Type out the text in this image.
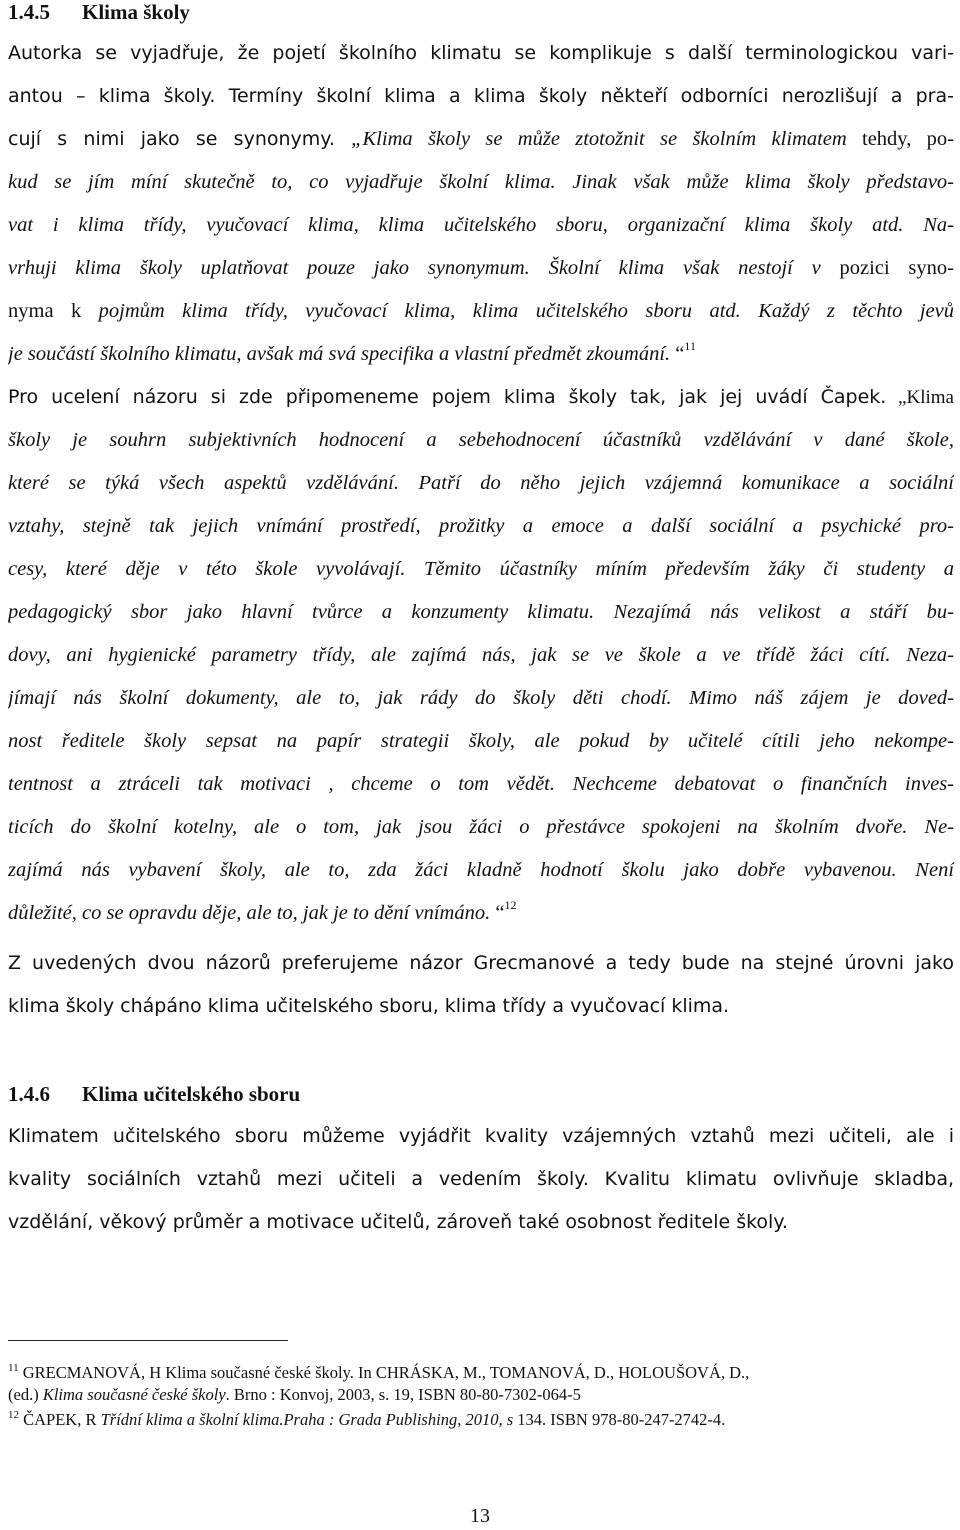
1.4.5 Klima školy
Autorka se vyjadřuje, že pojetí školního klimatu se komplikuje s další terminologickou vari-
antou – klima školy. Termíny školní klima a klima školy někteří odborníci nerozlišují a pra-
cují s nimi jako se synonymy. „Klima školy se může ztotožnit se školním klimatem tehdy, po-
kud se jím míní skutečně to, co vyjadřuje školní klima. Jinak však může klima školy představo-
vat i klima třídy, vyučovací klima, klima učitelského sboru, organizační klima školy atd. Na-
vrhuji klima školy uplatňovat pouze jako synonymum. Školní klima však nestojí v pozici syno-
nyma k pojmům klima třídy, vyučovací klima, klima učitelského sboru atd. Každý z těchto jevů
je součástí školního klimatu, avšak má svá specifika a vlastní předmět zkoumání. “$^{11}$
Pro ucelení názoru si zde připomeneme pojem klima školy tak, jak jej uvádí Čapek. „Klima
školy je souhrn subjektivních hodnocení a sebehodnocení účastníků vzdělávání v dané škole,
které se týká všech aspektů vzdělávání. Patří do něho jejich vzájemná komunikace a sociální
vztahy, stejně tak jejich vnímání prostředí, prožitky a emoce a další sociální a psychické pro-
cesy, které děje v této škole vyvolávají. Těmito účastníky míním především žáky či studenty a
pedagogický sbor jako hlavní tvůrce a konzumenty klimatu. Nezajímá nás velikost a stáří bu-
dovy, ani hygienické parametry třídy, ale zajímá nás, jak se ve škole a ve třídě žáci cítí. Neza-
jímají nás školní dokumenty, ale to, jak rády do školy děti chodí. Mimo náš zájem je doved-
nost ředitele školy sepsat na papír strategii školy, ale pokud by učitelé cítili jeho nekompe-
tentnost a ztráceli tak motivaci , chceme o tom vědět. Nechceme debatovat o finančních inves-
ticích do školní kotelny, ale o tom, jak jsou žáci o přestávce spokojeni na školním dvoře. Ne-
zajímá nás vybavení školy, ale to, zda žáci kladně hodnotí školu jako dobře vybavenou. Není
důležité, co se opravdu děje, ale to, jak je to dění vnímáno. “$^{12}$
Z uvedených dvou názorů preferujeme názor Grecmanové a tedy bude na stejné úrovni jako
klima školy chápáno klima učitelského sboru, klima třídy a vyučovací klima.
1.4.6 Klima učitelského sboru
Klimatem učitelského sboru můžeme vyjádřit kvality vzájemných vztahů mezi učiteli, ale i
kvality sociálních vztahů mezi učiteli a vedením školy. Kvalitu klimatu ovlivňuje skladba,
vzdělání, věkový průměr a motivace učitelů, zároveň také osobnost ředitele školy.
$^{11}$ GRECMANOVÁ, H Klima současné české školy. In CHRÁSKA, M., TOMANOVÁ, D., HOLOUŠOVÁ, D.,
(ed.) Klima současné české školy. Brno : Konvoj, 2003, s. 19, ISBN 80-80-7302-064-5
$^{12}$ ČAPEK, R Třídní klima a školní klima.Praha : Grada Publishing, 2010, s 134. ISBN 978-80-247-2742-4.
13
